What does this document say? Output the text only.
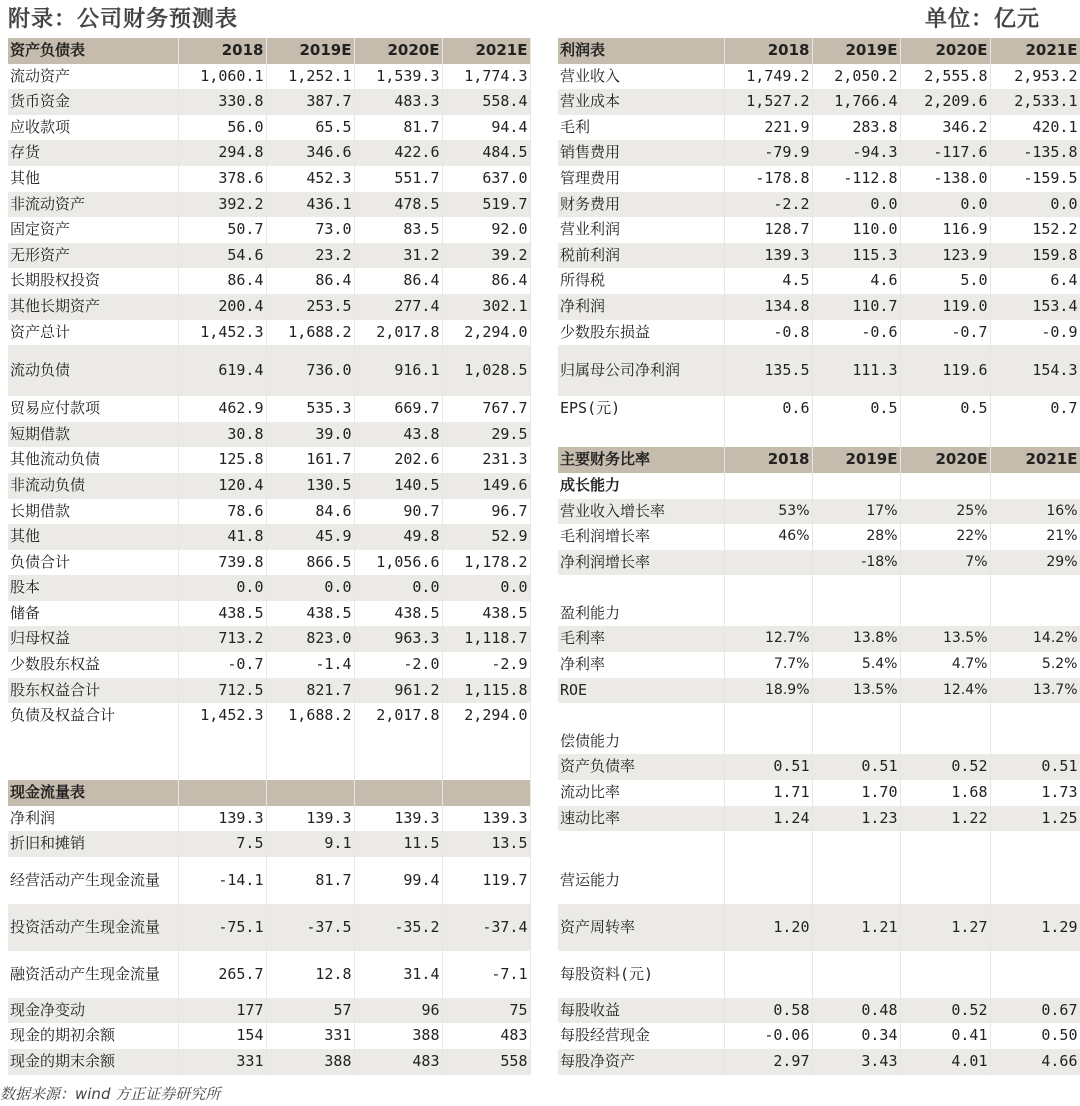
附录：公司财务预测表	单位：亿元
资产负债表	2018	2019E	2020E	2021E
流动资产	1,060.1	1,252.1	1,539.3	1,774.3
货币资金	330.8	387.7	483.3	558.4
应收款项	56.0	65.5	81.7	94.4
存货	294.8	346.6	422.6	484.5
其他	378.6	452.3	551.7	637.0
非流动资产	392.2	436.1	478.5	519.7
固定资产	50.7	73.0	83.5	92.0
无形资产	54.6	23.2	31.2	39.2
长期股权投资	86.4	86.4	86.4	86.4
其他长期资产	200.4	253.5	277.4	302.1
资产总计	1,452.3	1,688.2	2,017.8	2,294.0
流动负债	619.4	736.0	916.1	1,028.5
贸易应付款项	462.9	535.3	669.7	767.7
短期借款	30.8	39.0	43.8	29.5
其他流动负债	125.8	161.7	202.6	231.3
非流动负债	120.4	130.5	140.5	149.6
长期借款	78.6	84.6	90.7	96.7
其他	41.8	45.9	49.8	52.9
负债合计	739.8	866.5	1,056.6	1,178.2
股本	0.0	0.0	0.0	0.0
储备	438.5	438.5	438.5	438.5
归母权益	713.2	823.0	963.3	1,118.7
少数股东权益	-0.7	-1.4	-2.0	-2.9
股东权益合计	712.5	821.7	961.2	1,115.8
负债及权益合计	1,452.3	1,688.2	2,017.8	2,294.0

现金流量表				
净利润	139.3	139.3	139.3	139.3
折旧和摊销	7.5	9.1	11.5	13.5
经营活动产生现金流量	-14.1	81.7	99.4	119.7
投资活动产生现金流量	-75.1	-37.5	-35.2	-37.4
融资活动产生现金流量	265.7	12.8	31.4	-7.1
现金净变动	177	57	96	75
现金的期初余额	154	331	388	483
现金的期末余额	331	388	483	558
利润表	2018	2019E	2020E	2021E
营业收入	1,749.2	2,050.2	2,555.8	2,953.2
营业成本	1,527.2	1,766.4	2,209.6	2,533.1
毛利	221.9	283.8	346.2	420.1
销售费用	-79.9	-94.3	-117.6	-135.8
管理费用	-178.8	-112.8	-138.0	-159.5
财务费用	-2.2	0.0	0.0	0.0
营业利润	128.7	110.0	116.9	152.2
税前利润	139.3	115.3	123.9	159.8
所得税	4.5	4.6	5.0	6.4
净利润	134.8	110.7	119.0	153.4
少数股东损益	-0.8	-0.6	-0.7	-0.9
归属母公司净利润	135.5	111.3	119.6	154.3
EPS(元)	0.6	0.5	0.5	0.7

主要财务比率	2018	2019E	2020E	2021E
成长能力				
营业收入增长率	53%	17%	25%	16%
毛利润增长率	46%	28%	22%	21%
净利润增长率		-18%	7%	29%

盈利能力				
毛利率	12.7%	13.8%	13.5%	14.2%
净利率	7.7%	5.4%	4.7%	5.2%
ROE	18.9%	13.5%	12.4%	13.7%

偿债能力				
资产负债率	0.51	0.51	0.52	0.51
流动比率	1.71	1.70	1.68	1.73
速动比率	1.24	1.23	1.22	1.25

营运能力				
资产周转率	1.20	1.21	1.27	1.29
每股资料(元)				
每股收益	0.58	0.48	0.52	0.67
每股经营现金	-0.06	0.34	0.41	0.50
每股净资产	2.97	3.43	4.01	4.66
数据来源：wind 方正证券研究所
